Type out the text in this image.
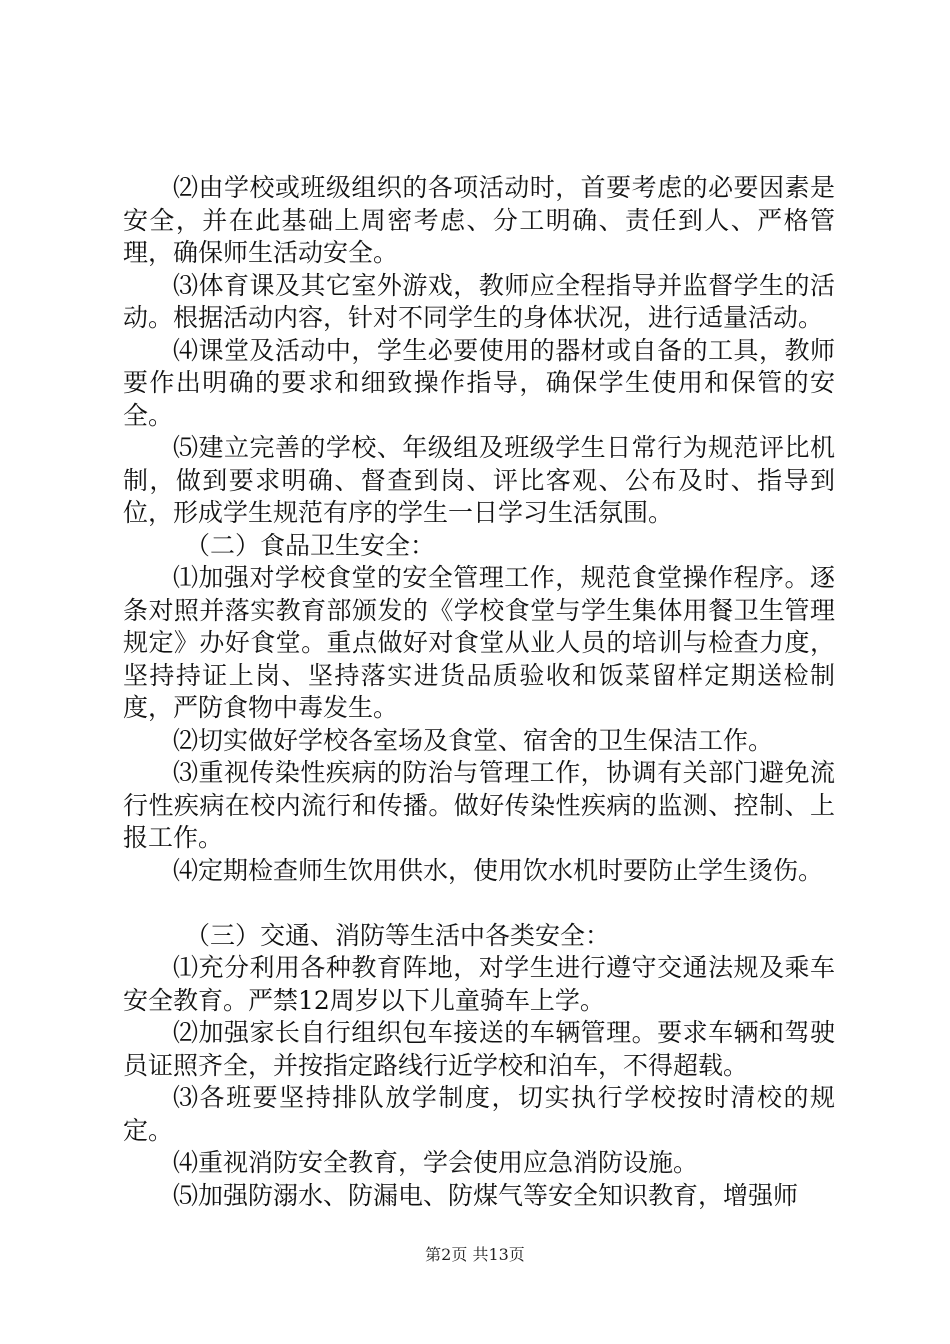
⑵由学校或班级组织的各项活动时，首要考虑的必要因素是安全，并在此基础上周密考虑、分工明确、责任到人、严格管理，确保师生活动安全。

⑶体育课及其它室外游戏，教师应全程指导并监督学生的活动。根据活动内容，针对不同学生的身体状况，进行适量活动。

⑷课堂及活动中，学生必要使用的器材或自备的工具，教师要作出明确的要求和细致操作指导，确保学生使用和保管的安全。

⑸建立完善的学校、年级组及班级学生日常行为规范评比机制，做到要求明确、督查到岗、评比客观、公布及时、指导到位，形成学生规范有序的学生一日学习生活氛围。

（二）食品卫生安全：

⑴加强对学校食堂的安全管理工作，规范食堂操作程序。逐条对照并落实教育部颁发的《学校食堂与学生集体用餐卫生管理规定》办好食堂。重点做好对食堂从业人员的培训与检查力度，坚持持证上岗、坚持落实进货品质验收和饭菜留样定期送检制度，严防食物中毒发生。

⑵切实做好学校各室场及食堂、宿舍的卫生保洁工作。

⑶重视传染性疾病的防治与管理工作，协调有关部门避免流行性疾病在校内流行和传播。做好传染性疾病的监测、控制、上报工作。

⑷定期检查师生饮用供水，使用饮水机时要防止学生烫伤。

（三）交通、消防等生活中各类安全：

⑴充分利用各种教育阵地，对学生进行遵守交通法规及乘车安全教育。严禁12周岁以下儿童骑车上学。

⑵加强家长自行组织包车接送的车辆管理。要求车辆和驾驶员证照齐全，并按指定路线行近学校和泊车，不得超载。

⑶各班要坚持排队放学制度，切实执行学校按时清校的规定。

⑷重视消防安全教育，学会使用应急消防设施。

⑸加强防溺水、防漏电、防煤气等安全知识教育，增强师

第2页 共13页
